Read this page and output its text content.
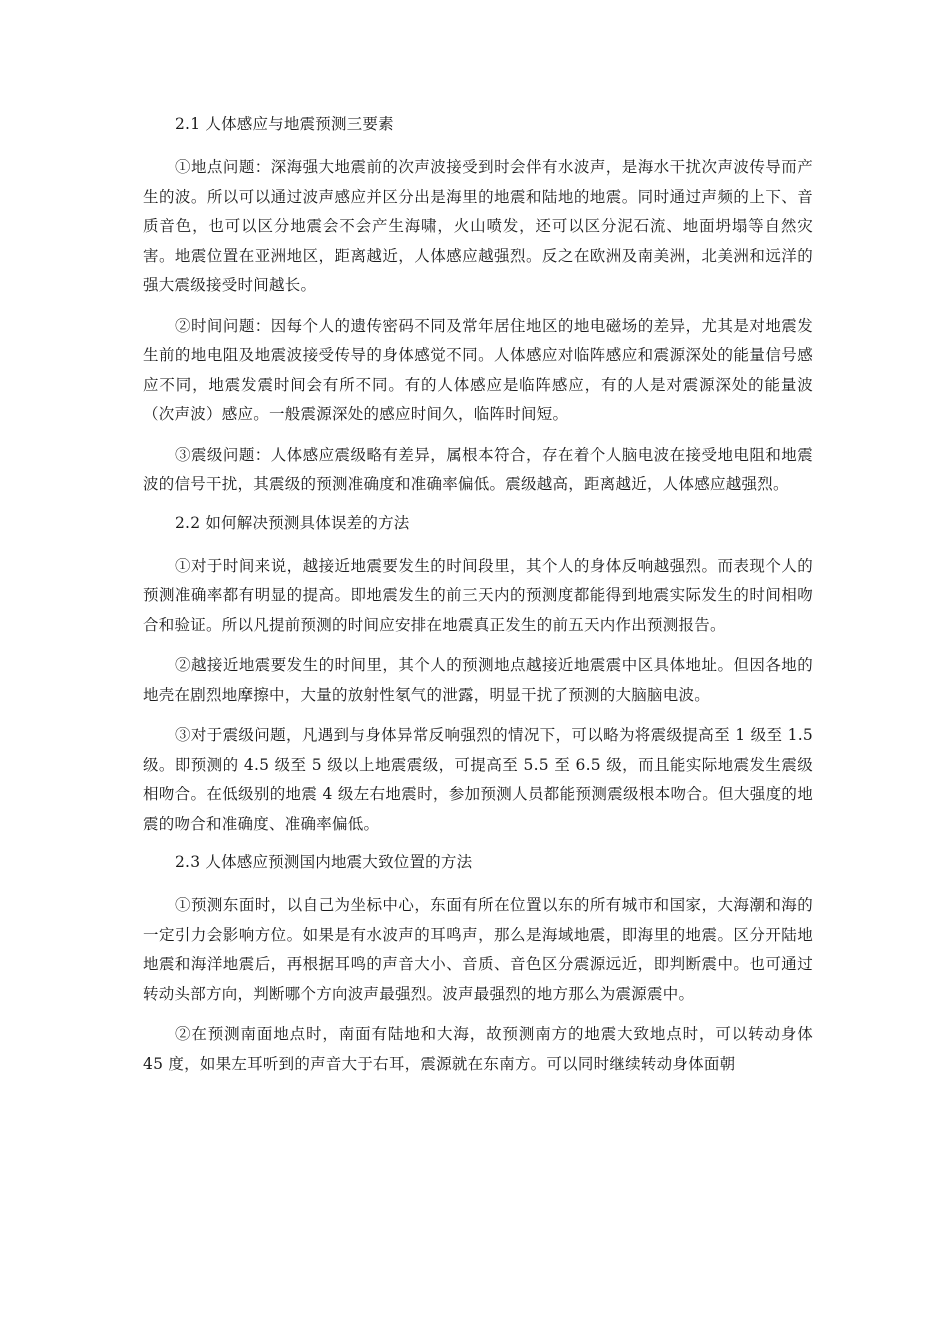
2.1 人体感应与地震预测三要素

①地点问题：深海强大地震前的次声波接受到时会伴有水波声，是海水干扰次声波传导而产生的波。所以可以通过波声感应并区分出是海里的地震和陆地的地震。同时通过声频的上下、音质音色，也可以区分地震会不会产生海啸，火山喷发，还可以区分泥石流、地面坍塌等自然灾害。地震位置在亚洲地区，距离越近，人体感应越强烈。反之在欧洲及南美洲，北美洲和远洋的强大震级接受时间越长。

②时间问题：因每个人的遗传密码不同及常年居住地区的地电磁场的差异，尤其是对地震发生前的地电阻及地震波接受传导的身体感觉不同。人体感应对临阵感应和震源深处的能量信号感应不同，地震发震时间会有所不同。有的人体感应是临阵感应，有的人是对震源深处的能量波（次声波）感应。一般震源深处的感应时间久，临阵时间短。

③震级问题：人体感应震级略有差异，属根本符合，存在着个人脑电波在接受地电阻和地震波的信号干扰，其震级的预测准确度和准确率偏低。震级越高，距离越近，人体感应越强烈。

2.2 如何解决预测具体误差的方法

①对于时间来说，越接近地震要发生的时间段里，其个人的身体反响越强烈。而表现个人的预测准确率都有明显的提高。即地震发生的前三天内的预测度都能得到地震实际发生的时间相吻合和验证。所以凡提前预测的时间应安排在地震真正发生的前五天内作出预测报告。

②越接近地震要发生的时间里，其个人的预测地点越接近地震震中区具体地址。但因各地的地壳在剧烈地摩擦中，大量的放射性氡气的泄露，明显干扰了预测的大脑脑电波。

③对于震级问题，凡遇到与身体异常反响强烈的情况下，可以略为将震级提高至 1 级至 1.5 级。即预测的 4.5 级至 5 级以上地震震级，可提高至 5.5 至 6.5 级，而且能实际地震发生震级相吻合。在低级别的地震 4 级左右地震时，参加预测人员都能预测震级根本吻合。但大强度的地震的吻合和准确度、准确率偏低。

2.3 人体感应预测国内地震大致位置的方法

①预测东面时，以自己为坐标中心，东面有所在位置以东的所有城市和国家，大海潮和海的一定引力会影响方位。如果是有水波声的耳鸣声，那么是海域地震，即海里的地震。区分开陆地地震和海洋地震后，再根据耳鸣的声音大小、音质、音色区分震源远近，即判断震中。也可通过转动头部方向，判断哪个方向波声最强烈。波声最强烈的地方那么为震源震中。

②在预测南面地点时，南面有陆地和大海，故预测南方的地震大致地点时，可以转动身体 45 度，如果左耳听到的声音大于右耳，震源就在东南方。可以同时继续转动身体面朝
